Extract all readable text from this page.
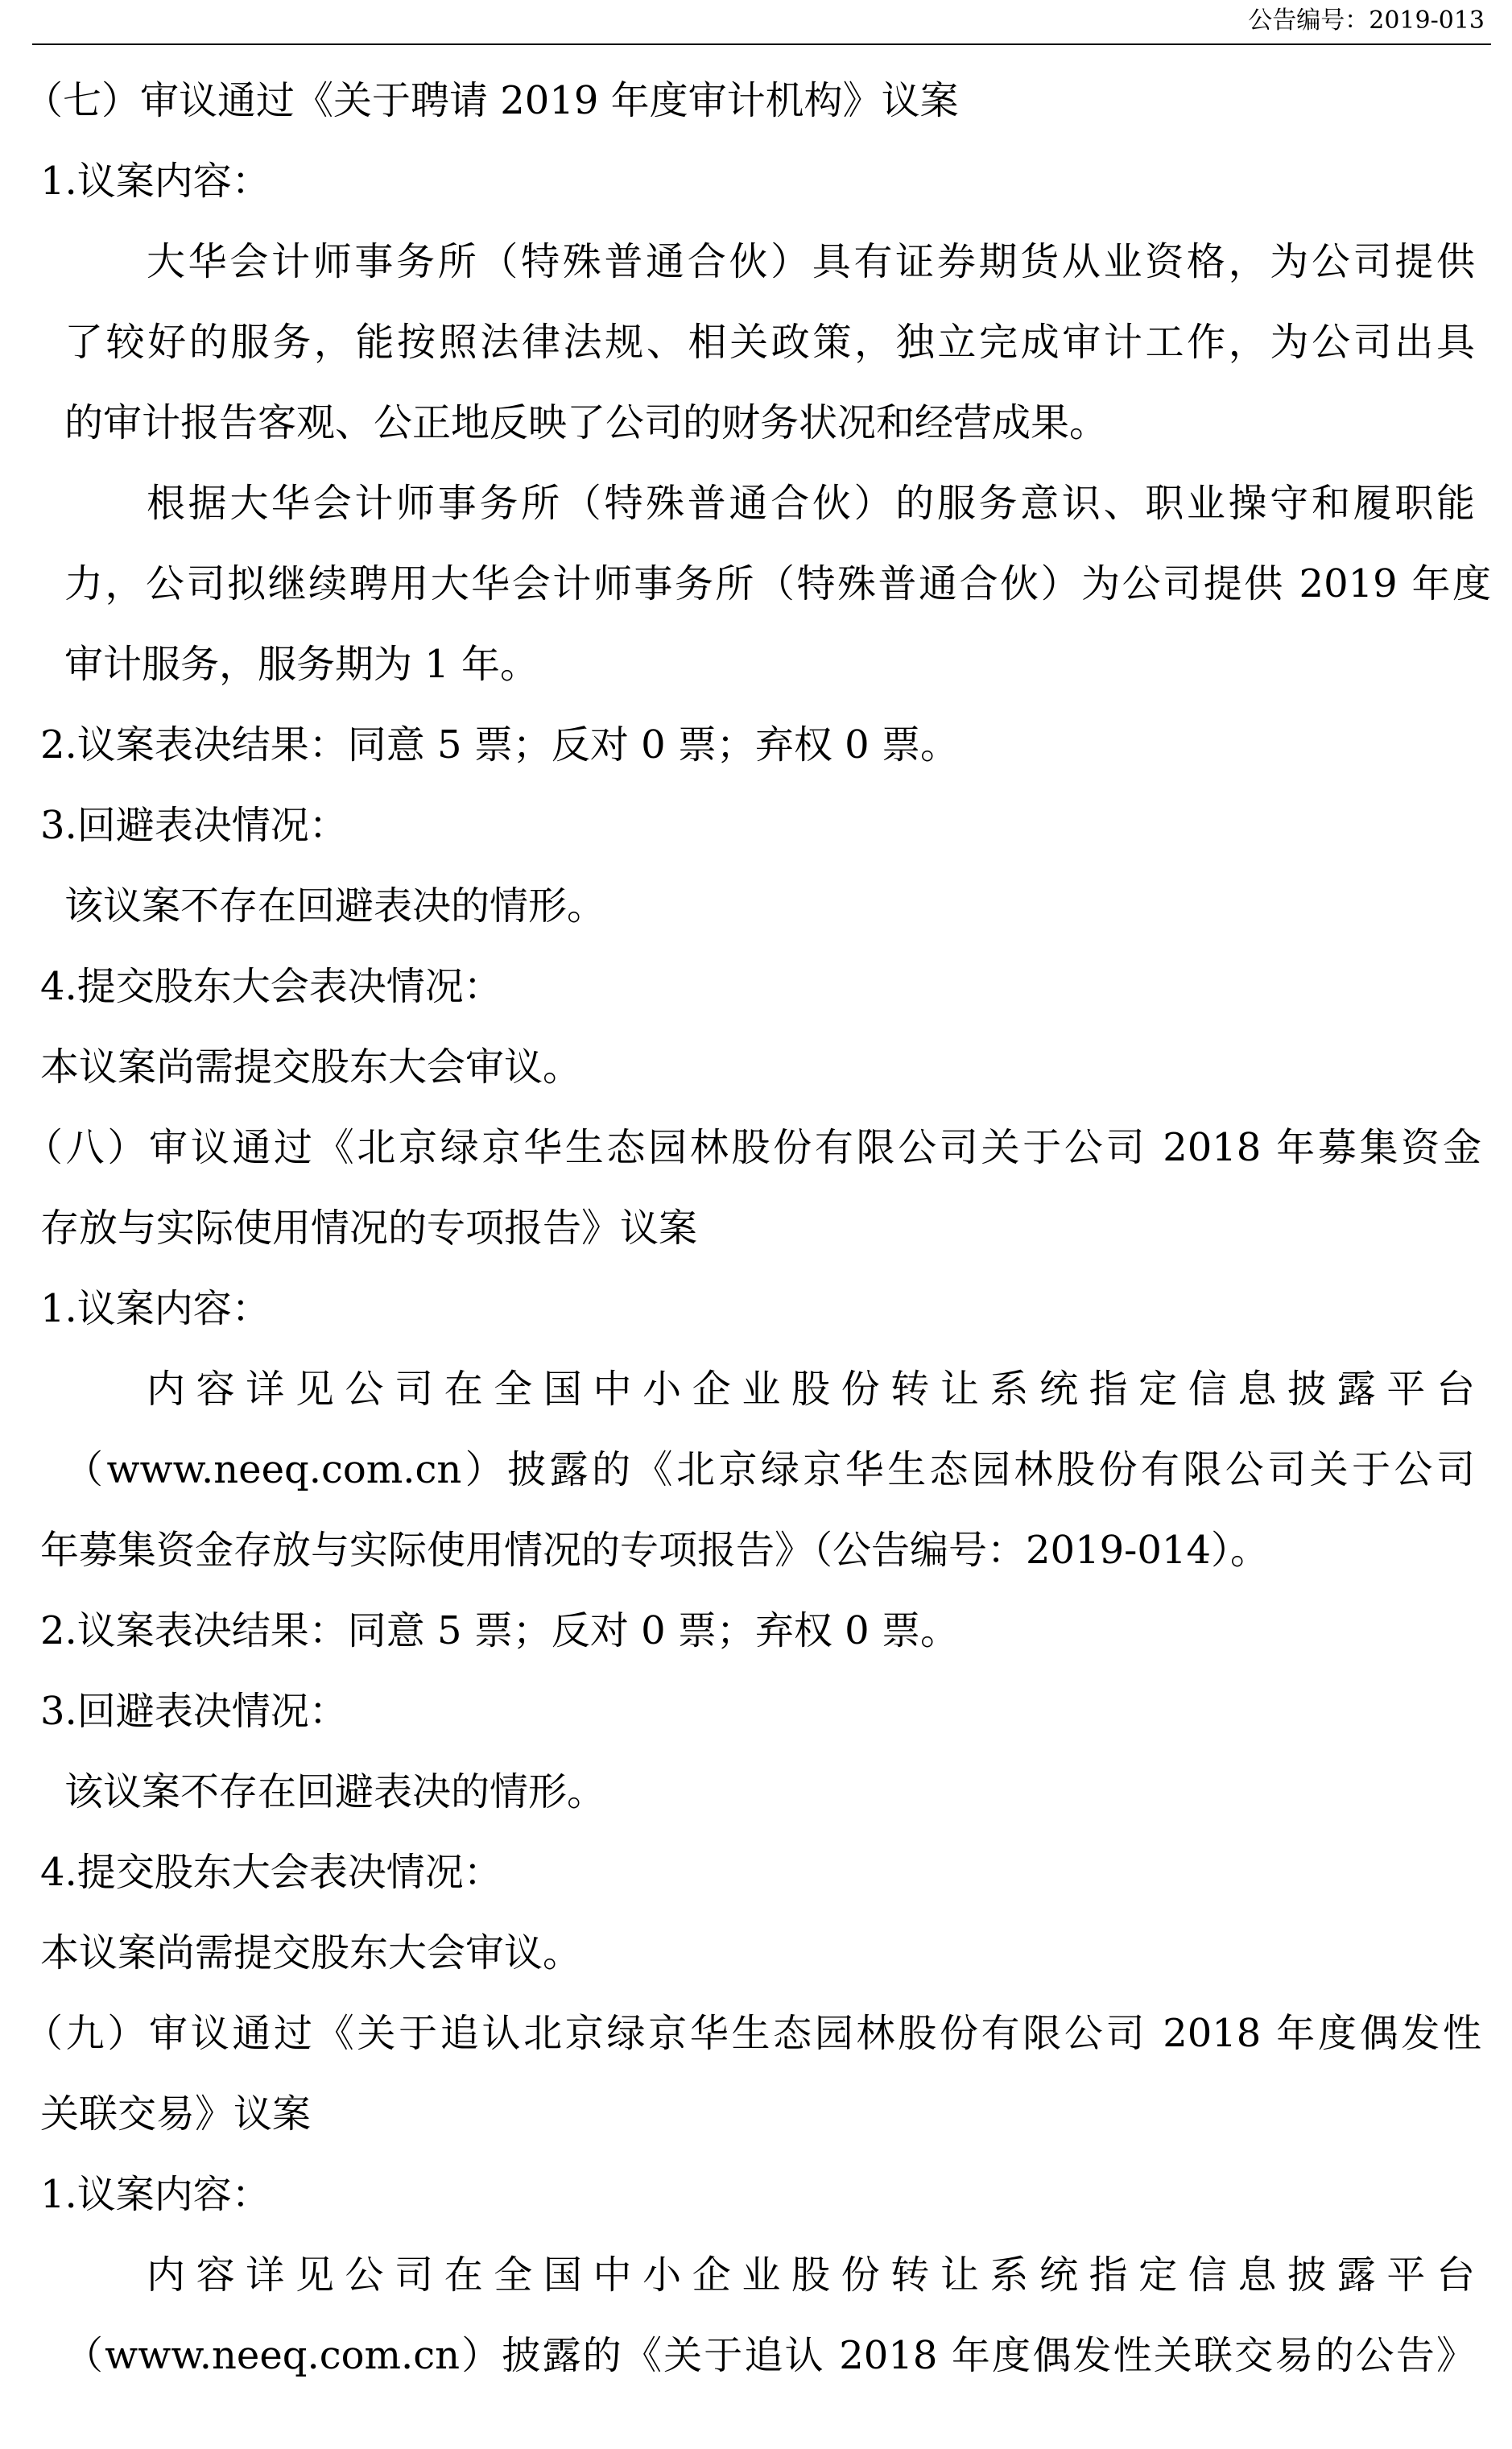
公告编号：2019-013
（七）审议通过《关于聘请 2019 年度审计机构》议案
1.议案内容：
大华会计师事务所（特殊普通合伙）具有证券期货从业资格，为公司提供
了较好的服务，能按照法律法规、相关政策，独立完成审计工作，为公司出具
的审计报告客观、公正地反映了公司的财务状况和经营成果。
根据大华会计师事务所（特殊普通合伙）的服务意识、职业操守和履职能
力，公司拟继续聘用大华会计师事务所（特殊普通合伙）为公司提供 2019 年度
审计服务，服务期为 1 年。
2.议案表决结果：同意 5 票；反对 0 票；弃权 0 票。
3.回避表决情况：
该议案不存在回避表决的情形。
4.提交股东大会表决情况：
本议案尚需提交股东大会审议。
（八）审议通过《北京绿京华生态园林股份有限公司关于公司 2018 年募集资金
存放与实际使用情况的专项报告》议案
1.议案内容：
内容详见公司在全国中小企业股份转让系统指定信息披露平台
（www.neeq.com.cn）披露的《北京绿京华生态园林股份有限公司关于公司
年募集资金存放与实际使用情况的专项报告》（公告编号：2019-014）。
2.议案表决结果：同意 5 票；反对 0 票；弃权 0 票。
3.回避表决情况：
该议案不存在回避表决的情形。
4.提交股东大会表决情况：
本议案尚需提交股东大会审议。
（九）审议通过《关于追认北京绿京华生态园林股份有限公司 2018 年度偶发性
关联交易》议案
1.议案内容：
内容详见公司在全国中小企业股份转让系统指定信息披露平台
（www.neeq.com.cn）披露的《关于追认 2018 年度偶发性关联交易的公告》
